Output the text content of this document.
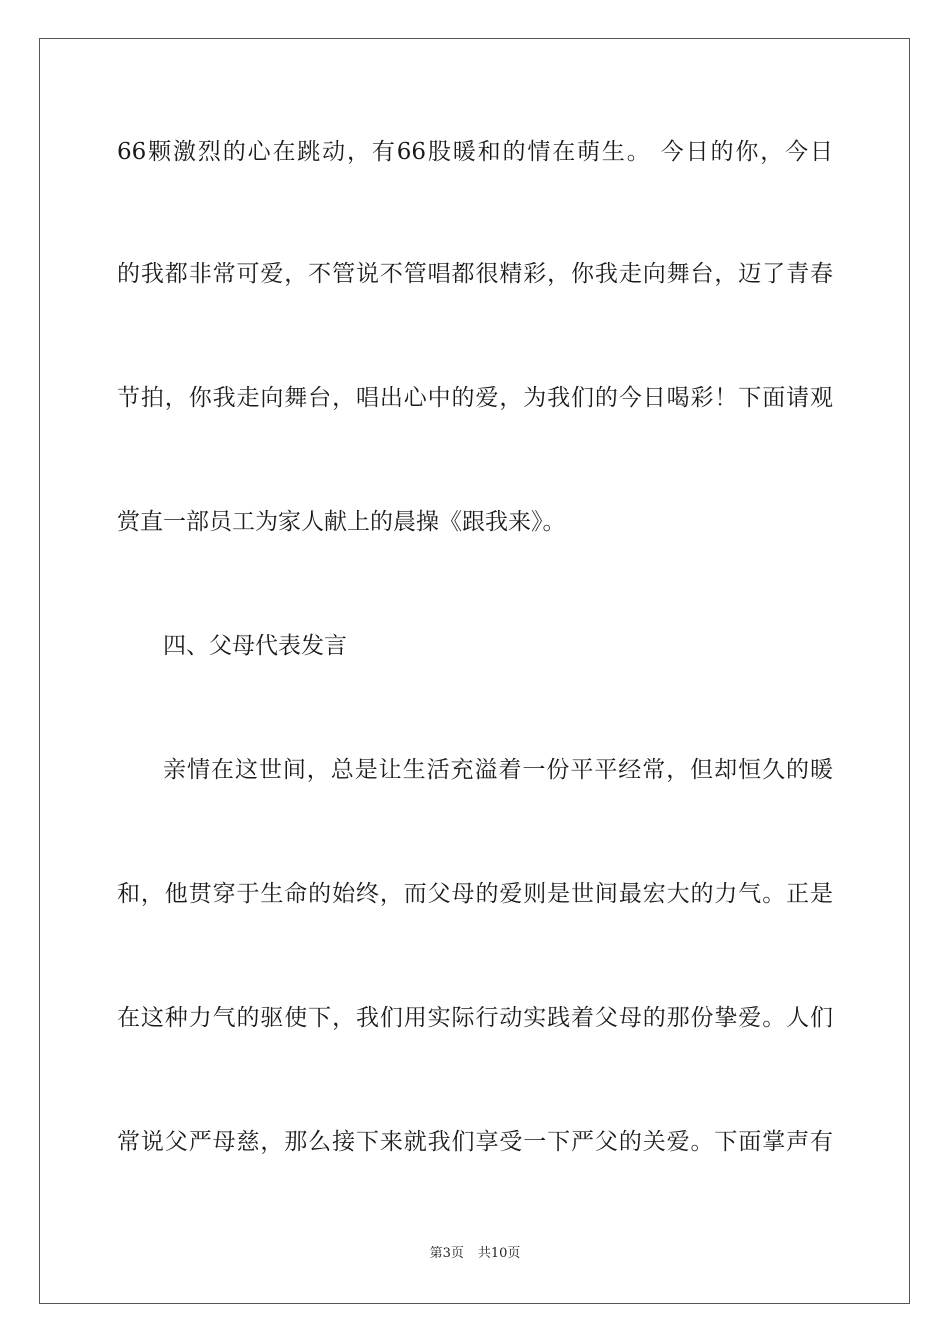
66颗激烈的心在跳动，有66股暖和的情在萌生。 今日的你，今日

的我都非常可爱，不管说不管唱都很精彩，你我走向舞台，迈了青春

节拍，你我走向舞台，唱出心中的爱，为我们的今日喝彩！下面请观

赏直一部员工为家人献上的晨操《跟我来》。

四、父母代表发言

亲情在这世间，总是让生活充溢着一份平平经常，但却恒久的暖

和，他贯穿于生命的始终，而父母的爱则是世间最宏大的力气。正是

在这种力气的驱使下，我们用实际行动实践着父母的那份挚爱。人们

常说父严母慈，那么接下来就我们享受一下严父的关爱。下面掌声有

第3页 共10页
